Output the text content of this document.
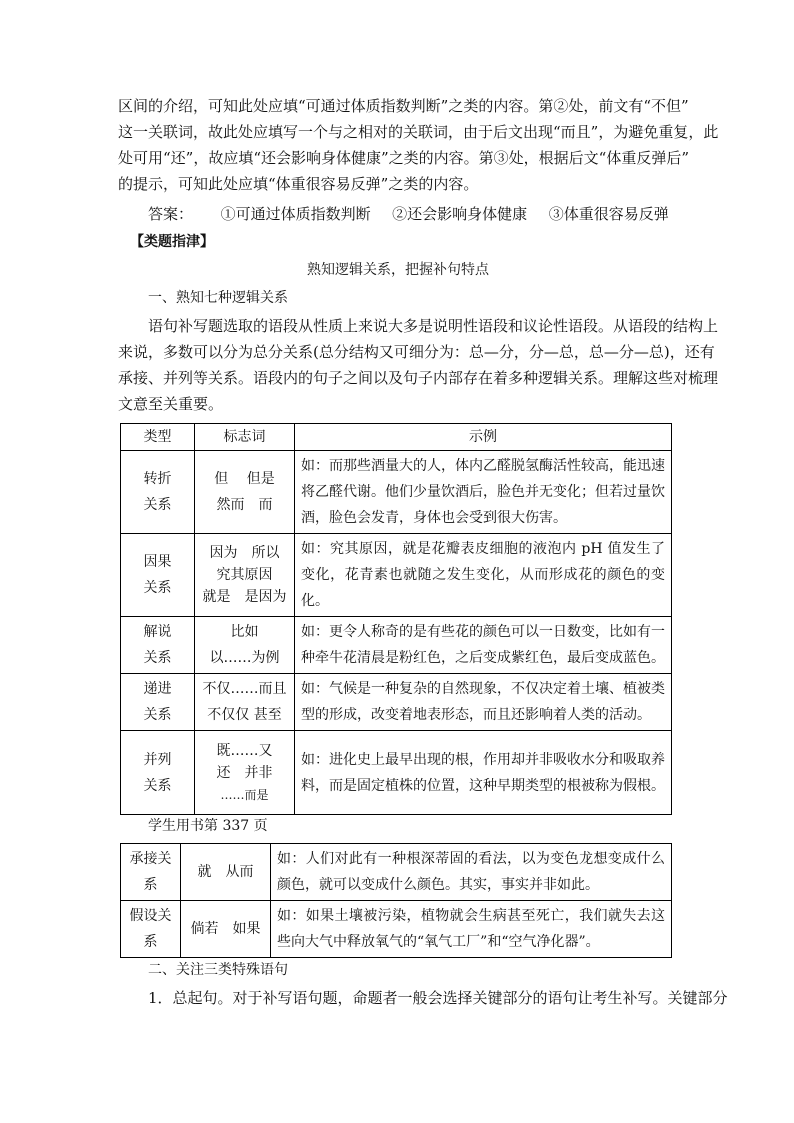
区间的介绍，可知此处应填“可通过体质指数判断”之类的内容。第②处，前文有“不但”
这一关联词，故此处应填写一个与之相对的关联词，由于后文出现“而且”，为避免重复，此
处可用“还”，故应填“还会影响身体健康”之类的内容。第③处，根据后文“体重反弹后”
的提示，可知此处应填“体重很容易反弹”之类的内容。
答案： ①可通过体质指数判断 ②还会影响身体健康 ③体重很容易反弹
【类题指津】
熟知逻辑关系，把握补句特点
一、熟知七种逻辑关系
语句补写题选取的语段从性质上来说大多是说明性语段和议论性语段。从语段的结构上
来说，多数可以分为总分关系(总分结构又可细分为：总—分，分—总，总—分—总)，还有
承接、并列等关系。语段内的句子之间以及句子内部存在着多种逻辑关系。理解这些对梳理
文意至关重要。
类型	标志词	示例

转折
关系	但　 但是
然而　而	如：而那些酒量大的人，体内乙醛脱氢酶活性较高，能迅速将乙醛代谢。他们少量饮酒后，脸色并无变化；但若过量饮酒，脸色会发青，身体也会受到很大伤害。

因果
关系	因为　所以
究其原因
就是　是因为	如：究其原因，就是花瓣表皮细胞的液泡内 pH 值发生了变化，花青素也就随之发生变化，从而形成花的颜色的变化。

解说
关系	比如
以……为例	如：更令人称奇的是有些花的颜色可以一日数变，比如有一种牵牛花清晨是粉红色，之后变成紫红色，最后变成蓝色。

递进
关系	不仅……而且
不仅仅 甚至	如：气候是一种复杂的自然现象，不仅决定着土壤、植被类型的形成，改变着地表形态，而且还影响着人类的活动。

并列
关系	既……又
还　并非
……而是	如：进化史上最早出现的根，作用却并非吸收水分和吸取养料，而是固定植株的位置，这种早期类型的根被称为假根。
学生用书第 337 页
承接关
系	就　从而	如：人们对此有一种根深蒂固的看法，以为变色龙想变成什么颜色，就可以变成什么颜色。其实，事实并非如此。

假设关
系	倘若　如果	如：如果土壤被污染，植物就会生病甚至死亡，我们就失去这些向大气中释放氧气的“氧气工厂”和“空气净化器”。
二、关注三类特殊语句
1．总起句。对于补写语句题，命题者一般会选择关键部分的语句让考生补写。关键部分
